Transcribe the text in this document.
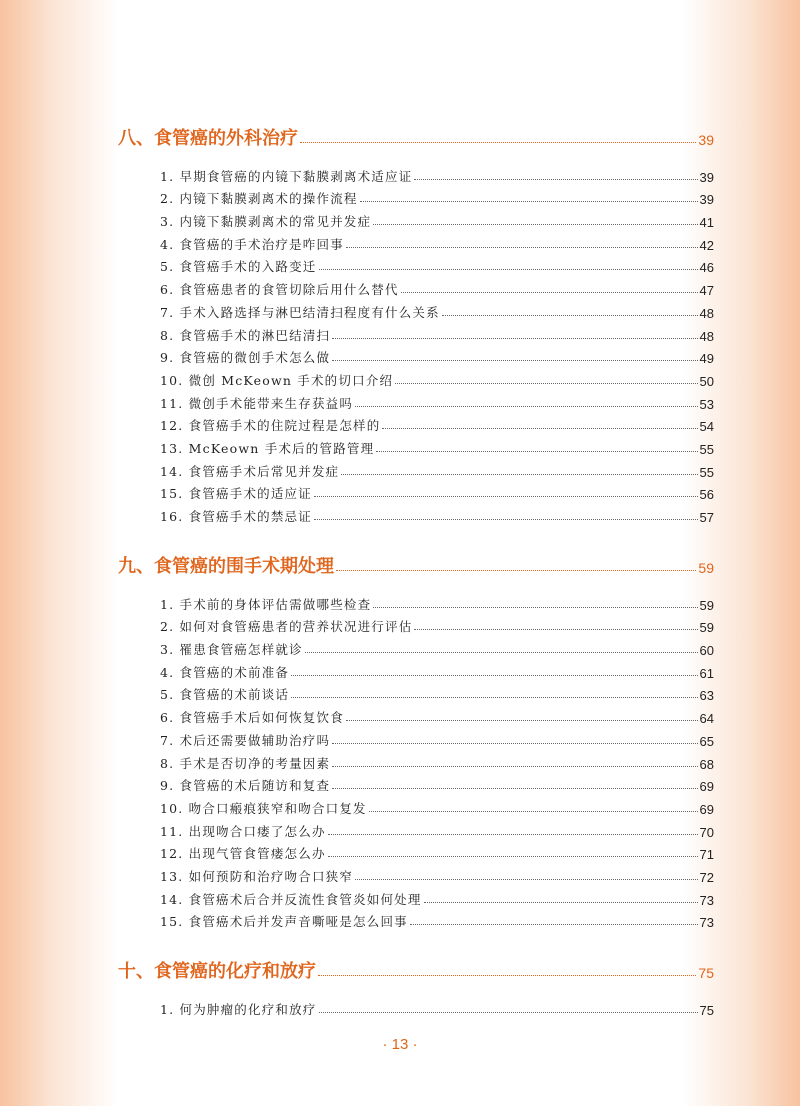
八、食管癌的外科治疗	39
1. 早期食管癌的内镜下黏膜剥离术适应证	39
2. 内镜下黏膜剥离术的操作流程	39
3. 内镜下黏膜剥离术的常见并发症	41
4. 食管癌的手术治疗是咋回事	42
5. 食管癌手术的入路变迁	46
6. 食管癌患者的食管切除后用什么替代	47
7. 手术入路选择与淋巴结清扫程度有什么关系	48
8. 食管癌手术的淋巴结清扫	48
9. 食管癌的微创手术怎么做	49
10. 微创 McKeown 手术的切口介绍	50
11. 微创手术能带来生存获益吗	53
12. 食管癌手术的住院过程是怎样的	54
13. McKeown 手术后的管路管理	55
14. 食管癌手术后常见并发症	55
15. 食管癌手术的适应证	56
16. 食管癌手术的禁忌证	57
九、食管癌的围手术期处理	59
1. 手术前的身体评估需做哪些检查	59
2. 如何对食管癌患者的营养状况进行评估	59
3. 罹患食管癌怎样就诊	60
4. 食管癌的术前准备	61
5. 食管癌的术前谈话	63
6. 食管癌手术后如何恢复饮食	64
7. 术后还需要做辅助治疗吗	65
8. 手术是否切净的考量因素	68
9. 食管癌的术后随访和复查	69
10. 吻合口瘢痕狭窄和吻合口复发	69
11. 出现吻合口瘘了怎么办	70
12. 出现气管食管瘘怎么办	71
13. 如何预防和治疗吻合口狭窄	72
14. 食管癌术后合并反流性食管炎如何处理	73
15. 食管癌术后并发声音嘶哑是怎么回事	73
十、食管癌的化疗和放疗	75
1. 何为肿瘤的化疗和放疗	75
· 13 ·
